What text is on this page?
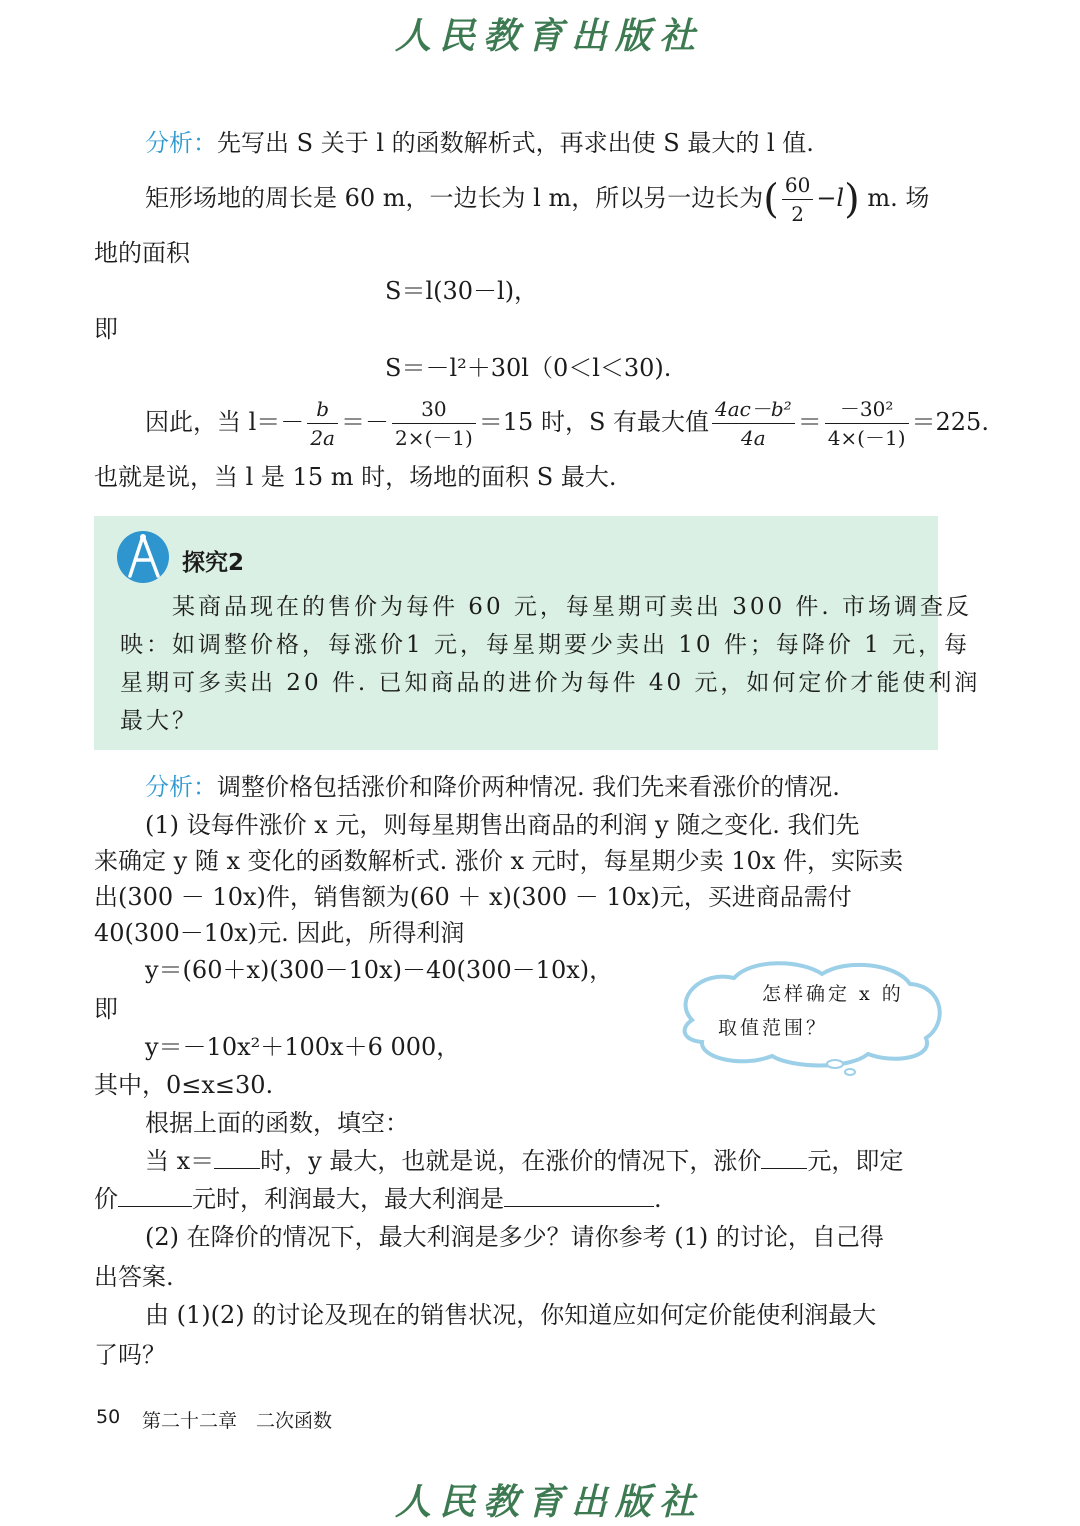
人民教育出版社
分析：先写出 S 关于 l 的函数解析式，再求出使 S 最大的 l 值.
矩形场地的周长是 60 m，一边长为 l m，所以另一边长为( $\frac{60}{2} -l$) m. 场
地的面积
S＝l(30－l)，
即
S＝－l²＋30l（0＜l＜30).
因此，当 $l=- \frac{b}{2a} =- \frac{30}{2\times(-1)} =15$ 时，S 有最大值 $\frac{\text{4ac－b²}}{4a} = \frac{\text{－30²}}{4\times(-1)} =225$.
也就是说，当 l 是 15 m 时，场地的面积 S 最大.
探究2
某商品现在的售价为每件 60 元，每星期可卖出 300 件. 市场调查反
映：如调整价格，每涨价1 元，每星期要少卖出 10 件；每降价 1 元，每
星期可多卖出 20 件. 已知商品的进价为每件 40 元，如何定价才能使利润
最大？
分析：调整价格包括涨价和降价两种情况. 我们先来看涨价的情况.
(1) 设每件涨价 x 元，则每星期售出商品的利润 y 随之变化. 我们先
来确定 y 随 x 变化的函数解析式. 涨价 x 元时，每星期少卖 10x 件，实际卖
出(300 － 10x)件，销售额为(60 ＋ x)(300 － 10x)元，买进商品需付
40(300－10x)元. 因此，所得利润
y＝(60＋x)(300－10x)－40(300－10x)，
即
y＝－10x²＋100x＋6 000，
其中，0≤x≤30.
怎样确定 x 的
取值范围？
根据上面的函数，填空：
当 x＝ 时，y 最大，也就是说，在涨价的情况下，涨价 元，即定
价	元时，利润最大，最大利润是	.
(2) 在降价的情况下，最大利润是多少？请你参考 (1) 的讨论，自己得
出答案.
由 (1)(2) 的讨论及现在的销售状况，你知道应如何定价能使利润最大
了吗？
50 第二十二章　二次函数
人民教育出版社
